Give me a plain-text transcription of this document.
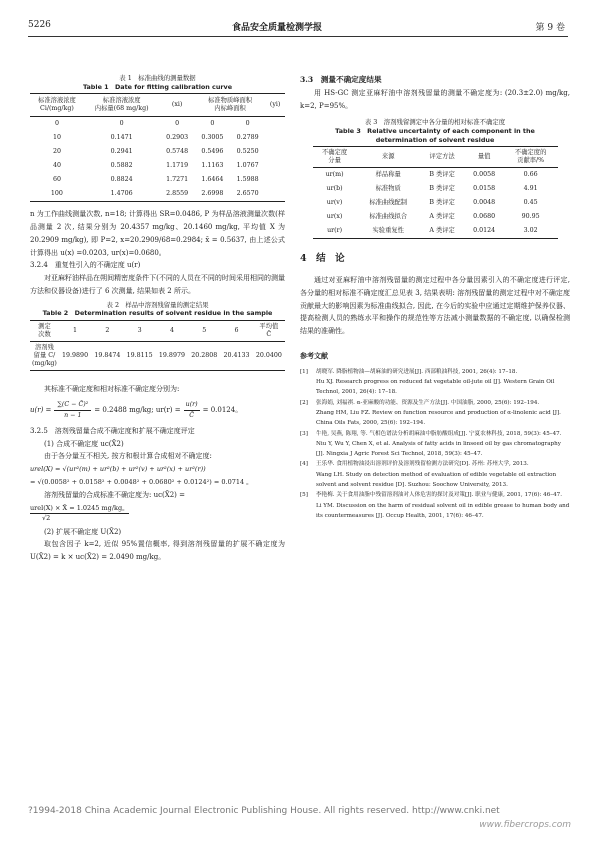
5226	食品安全质量检测学报	第 9 卷
表 1　标准曲线的测量数据
Table 1　Date for fitting calibration curve
标准溶液浓度
Ci/(mg/kg)	标准溶液浓度
内标量(68 mg/kg)	(xi)	标准物质峰面积
内标峰面积		(yi)
0	0	0	0	0	
10	0.1471	0.2903	0.3005	0.2789	
20	0.2941	0.5748	0.5496	0.5250	
40	0.5882	1.1719	1.1163	1.0767	
60	0.8824	1.7271	1.6464	1.5988	
100	1.4706	2.8559	2.6998	2.6570	

n 为工作曲线测量次数, n=18; 计算得出 SR=0.0486, P 为样品溶液测量次数(样品测量 2 次, 结果分别为 20.4357 mg/kg、20.1460 mg/kg, 平均值 X 为 20.2909 mg/kg), 即 P=2, x=20.2909/68=0.2984; x̄ = 0.5637, 由上述公式计算得出 u(x) =0.0203, ur(x)=0.0680。

3.2.4　重复性引入的不确定度 u(r)

对亚麻籽油样品在朔间精密度条件下(不同的人员在不同的时间采用相同的测量方法和仪器设备)进行了 6 次测量, 结果如表 2 所示。

表 2　样品中溶剂残留量的测定结果
Table 2　Determination results of solvent residue in the sample
测定
次数	1	2	3	4	5	6	平均值
C̄
溶剂残
留量 C/
(mg/kg)	19.9890	19.8474	19.8115	19.8979	20.2808	20.4133	20.0400

其标准不确定度和相对标准不确定度分别为:

$u(r) = \frac{\text{∑(C − C̄)²}}{n - 1} = 0.2488$ mg/kg; $ur(r) = \frac{u(r)}{C̄} = 0.0124$。

3.2.5　溶剂残留量合成不确定度和扩展不确定度评定

(1) 合成不确定度 uc(X̄2)

由于各分量互不相关, 按方和根计算合成相对不确定度:

urel(X) = √(ur²(m) + ur²(b) + ur²(v) + ur²(x) + ur²(r))

= √(0.0058² + 0.0158² + 0.0048² + 0.0680² + 0.0124²) = 0.0714 。

溶剂残留量的合成标准不确定度为: uc(X̄2) =

urel(X) × X̄ = 1.0245 mg/kg。
√2

(2) 扩展不确定度 U(X̄2)

取包含因子 k=2, 近似 95%置信概率, 得到溶剂残留量的扩展不确定度为 U(X̄2) = k × uc(X̄2) = 2.0490 mg/kg。

3.3　测量不确定度结果

用 HS-GC 测定亚麻籽油中溶剂残留量的测量不确定度为: (20.3±2.0) mg/kg, k=2, P=95%。

表 3　溶剂残留测定中各分量的相对标准不确定度
Table 3　Relative uncertainty of each component in the
determination of solvent residue
不确定度
分量	来源	评定方法	量值	不确定度的
贡献率/%
ur(m)	样品称量	B 类评定	0.0058	0.66
ur(b)	标准物质	B 类评定	0.0158	4.91
ur(v)	标准曲线配制	B 类评定	0.0048	0.45
ur(x)	标准曲线拟合	A 类评定	0.0680	90.95
ur(r)	实验重复性	A 类评定	0.0124	3.02

4　结　论

通过对亚麻籽油中溶剂残留量的测定过程中各分量因素引入的不确定度进行评定, 各分量的相对标准不确定度汇总见表 3, 结果表明: 溶剂残留量的测定过程中对不确定度贡献最大的影响因素为标准曲线拟合, 因此, 在今后的实验中应通过定期维护保养仪器、提高检测人员的熟练水平和操作的规范性等方法减小测量数据的不确定度, 以确保检测结果的准确性。

参考文献

[1]	胡晓军. 降脂植物油—胡麻油的研究进展[J]. 西部粮油科技, 2001, 26(4): 17–18.
Hu XJ. Research progress on reduced fat vegetable oil-jute oil [J]. Western Grain Oil Technol, 2001, 26(4): 17–18.
[2]	张海娟, 刘福祺. α-亚麻酸的功能、资源及生产方法[J]. 中国油脂, 2000, 25(6): 192–194.
Zhang HM, Liu FZ. Review on function resource and production of α-linolenic acid [J]. China Oils Fats, 2000, 25(6): 192–194.
[3]	牛艳, 吴燕, 陈翔, 等. 气相色谱法分析胡麻油中脂肪酸组成[J]. 宁夏农林科技, 2018, 59(3): 45–47.
Niu Y, Wu Y, Chen X, et al. Analysis of fatty acids in linseed oil by gas chromatography [J]. Ningxia J Agric Forest Sci Technol, 2018, 59(3): 45–47.
[4]	王乐华. 食用植物油浸出溶剂评价及溶剂残留检测方法研究[D]. 苏州: 苏州大学, 2013.
Wang LH. Study on detection method of evaluation of edible vegetable oil extraction solvent and solvent residue [D]. Suzhou: Soochow University, 2013.
[5]	李艳梅. 关于食用油脂中残留溶剂油对人体危害的探讨及对策[J]. 职业与健康, 2001, 17(6): 46–47.
Li YM. Discussion on the harm of residual solvent oil in edible grease to human body and its countermeasures [J]. Occup Health, 2001, 17(6): 46–47.
?1994-2018 China Academic Journal Electronic Publishing House. All rights reserved. http://www.cnki.net
www.fibercrops.com
